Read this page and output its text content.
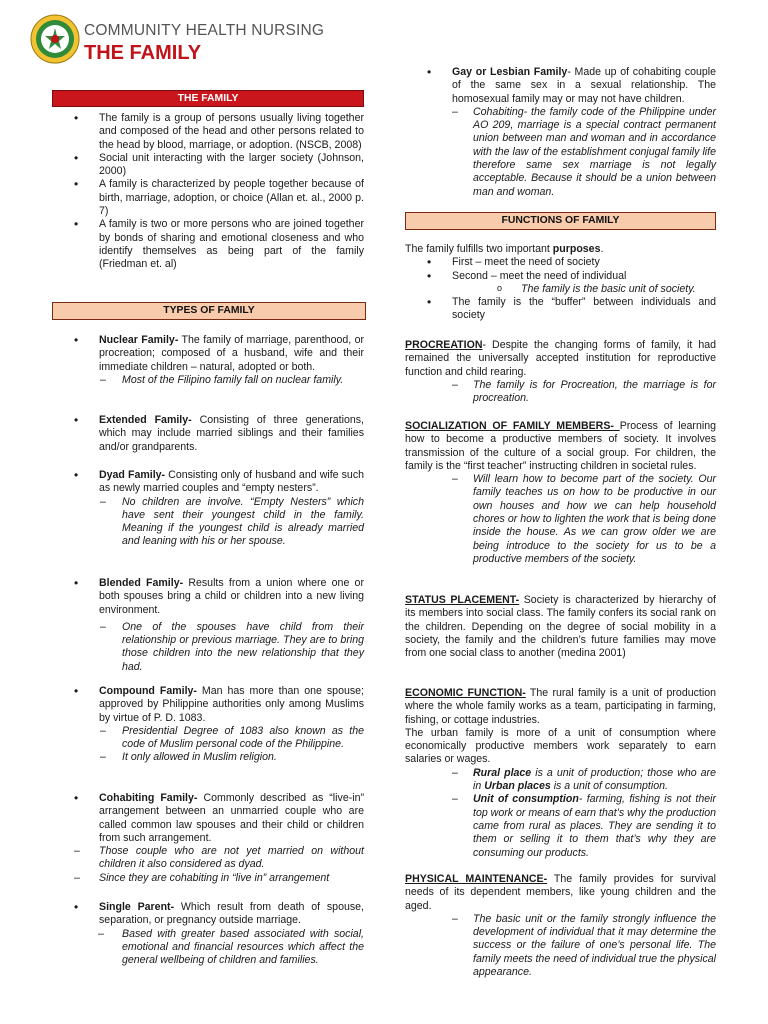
COMMUNITY HEALTH NURSING
THE FAMILY
THE FAMILY

• The family is a group of persons usually living together and composed of the head and other persons related to the head by blood, marriage, or adoption. (NSCB, 2008)

• Social unit interacting with the larger society (Johnson, 2000)

• A family is characterized by people together because of birth, marriage, adoption, or choice (Allan et. al., 2000 p. 7)

• A family is two or more persons who are joined together by bonds of sharing and emotional closeness and who identify themselves as being part of the family (Friedman et. al)

TYPES OF FAMILY

• Nuclear Family- The family of marriage, parenthood, or procreation; composed of a husband, wife and their immediate children – natural, adopted or both.

– Most of the Filipino family fall on nuclear family.

• Extended Family- Consisting of three generations, which may include married siblings and their families and/or grandparents.

• Dyad Family- Consisting only of husband and wife such as newly married couples and “empty nesters”.

– No children are involve. “Empty Nesters” which have sent their youngest child in the family. Meaning if the youngest child is already married and leaning with his or her spouse.

• Blended Family- Results from a union where one or both spouses bring a child or children into a new living environment.

– One of the spouses have child from their relationship or previous marriage. They are to bring those children into the new relationship that they had.

• Compound Family- Man has more than one spouse; approved by Philippine authorities only among Muslims by virtue of P. D. 1083.

– Presidential Degree of 1083 also known as the code of Muslim personal code of the Philippine.

– It only allowed in Muslim religion.

• Cohabiting Family- Commonly described as “live-in” arrangement between an unmarried couple who are called common law spouses and their child or children from such arrangement.

– Those couple who are not yet married on without children it also considered as dyad.

– Since they are cohabiting in “live in” arrangement

• Single Parent- Which result from death of spouse, separation, or pregnancy outside marriage.

– Based with greater based associated with social, emotional and financial resources which affect the general wellbeing of children and families.

• Gay or Lesbian Family- Made up of cohabiting couple of the same sex in a sexual relationship. The homosexual family may or may not have children.

– Cohabiting- the family code of the Philippine under AO 209, marriage is a special contract permanent union between man and woman and in accordance with the law of the establishment conjugal family life therefore same sex marriage is not legally acceptable. Because it should be a union between man and woman.

FUNCTIONS OF FAMILY

The family fulfills two important purposes.

• First – meet the need of society

• Second – meet the need of individual

o The family is the basic unit of society.

• The family is the “buffer” between individuals and society

PROCREATION- Despite the changing forms of family, it had remained the universally accepted institution for reproductive function and child rearing.

– The family is for Procreation, the marriage is for procreation.

SOCIALIZATION OF FAMILY MEMBERS- Process of learning how to become a productive members of society. It involves transmission of the culture of a social group. For children, the family is the “first teacher” instructing children in societal rules.

– Will learn how to become part of the society. Our family teaches us on how to be productive in our own houses and how we can help household chores or how to lighten the work that is being done inside the house. As we can grow older we are being introduce to the society for us to be a productive members of the society.

STATUS PLACEMENT- Society is characterized by hierarchy of its members into social class. The family confers its social rank on the children. Depending on the degree of social mobility in a society, the family and the children’s future families may move from one social class to another (medina 2001)

ECONOMIC FUNCTION- The rural family is a unit of production where the whole family works as a team, participating in farming, fishing, or cottage industries.

The urban family is more of a unit of consumption where economically productive members work separately to earn salaries or wages.

– Rural place is a unit of production; those who are in Urban places is a unit of consumption.

– Unit of consumption- farming, fishing is not their top work or means of earn that’s why the production came from rural as places. They are sending it to them or selling it to them that’s why they are consuming our products.

PHYSICAL MAINTENANCE- The family provides for survival needs of its dependent members, like young children and the aged.

– The basic unit or the family strongly influence the development of individual that it may determine the success or the failure of one’s personal life. The family meets the need of individual true the physical appearance.
